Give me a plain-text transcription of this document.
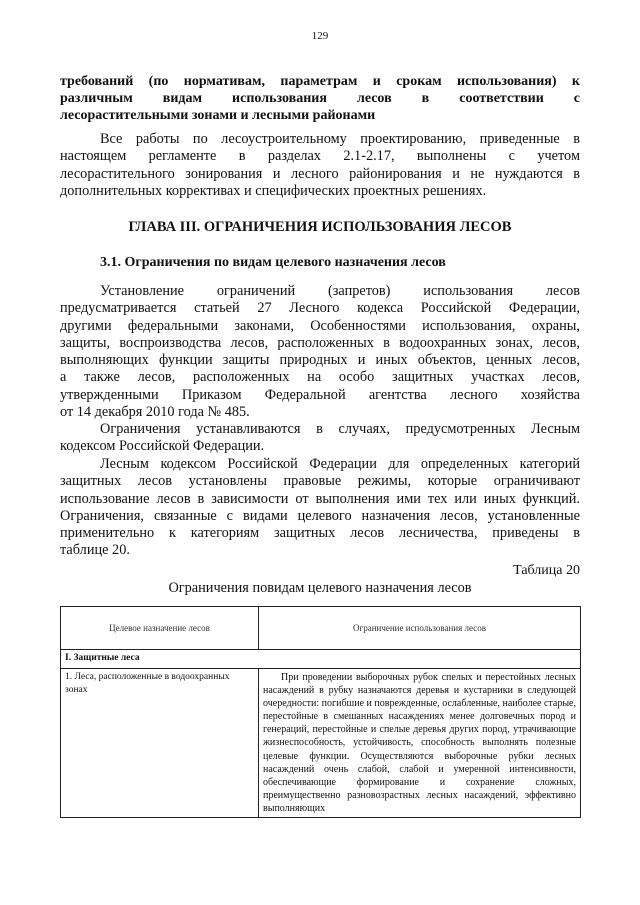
129
требований (по нормативам, параметрам и срокам использования) к
различным видам использования лесов в соответствии с
лесорастительными зонами и лесными районами
Все работы по лесоустроительному проектированию, приведенные в
настоящем регламенте в разделах 2.1-2.17, выполнены с учетом
лесорастительного зонирования и лесного районирования и не нуждаются в
дополнительных коррективах и специфических проектных решениях.
ГЛАВА III. ОГРАНИЧЕНИЯ ИСПОЛЬЗОВАНИЯ ЛЕСОВ
3.1. Ограничения по видам целевого назначения лесов
Установление ограничений (запретов) использования лесов
предусматривается статьей 27 Лесного кодекса Российской Федерации,
другими федеральными законами, Особенностями использования, охраны,
защиты, воспроизводства лесов, расположенных в водоохранных зонах, лесов,
выполняющих функции защиты природных и иных объектов, ценных лесов,
а также лесов, расположенных на особо защитных участках лесов,
утвержденными Приказом Федеральной агентства лесного хозяйства
от 14 декабря 2010 года № 485.
Ограничения устанавливаются в случаях, предусмотренных Лесным
кодексом Российской Федерации.
Лесным кодексом Российской Федерации для определенных категорий
защитных лесов установлены правовые режимы, которые ограничивают
использование лесов в зависимости от выполнения ими тех или иных функций.
Ограничения, связанные с видами целевого назначения лесов, установленные
применительно к категориям защитных лесов лесничества, приведены в
таблице 20.
Таблица 20
Ограничения повидам целевого назначения лесов
Целевое назначение лесов	Ограничение использования лесов
I. Защитные леса	
1. Леса, расположенные в водоохранных зонах	При проведении выборочных рубок спелых и перестойных лесных насаждений в рубку назначаются деревья и кустарники в следующей очередности: погибшие и поврежденные, ослабленные, наиболее старые, перестойные в смешанных насаждениях менее долговечных пород и генераций, перестойные и спелые деревья других пород, утрачивающие жизнеспособность, устойчивость, способность выполнять полезные целевые функции. Осуществляются выборочные рубки лесных насаждений очень слабой, слабой и умеренной интенсивности, обеспечивающие формирование и сохранение сложных, преимущественно разновозрастных лесных насаждений, эффективно выполняющих
